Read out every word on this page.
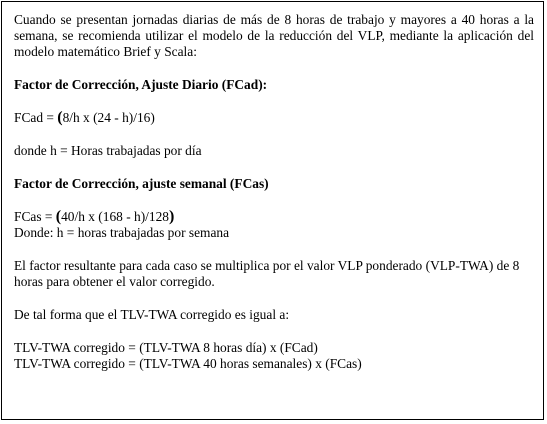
Cuando se presentan jornadas diarias de más de 8 horas de trabajo y mayores a 40 horas a la semana, se recomienda utilizar el modelo de la reducción del VLP, mediante la aplicación del modelo matemático Brief y Scala:

Factor de Corrección, Ajuste Diario (FCad):

FCad = (8/h x (24 - h)/16)

donde h = Horas trabajadas por día

Factor de Corrección, ajuste semanal (FCas)

FCas = (40/h x (168 - h)/128)

Donde: h = horas trabajadas por semana

El factor resultante para cada caso se multiplica por el valor VLP ponderado (VLP-TWA) de 8 horas para obtener el valor corregido.

De tal forma que el TLV-TWA corregido es igual a:

TLV-TWA corregido = (TLV-TWA 8 horas día) x (FCad)

TLV-TWA corregido = (TLV-TWA 40 horas semanales) x (FCas)
